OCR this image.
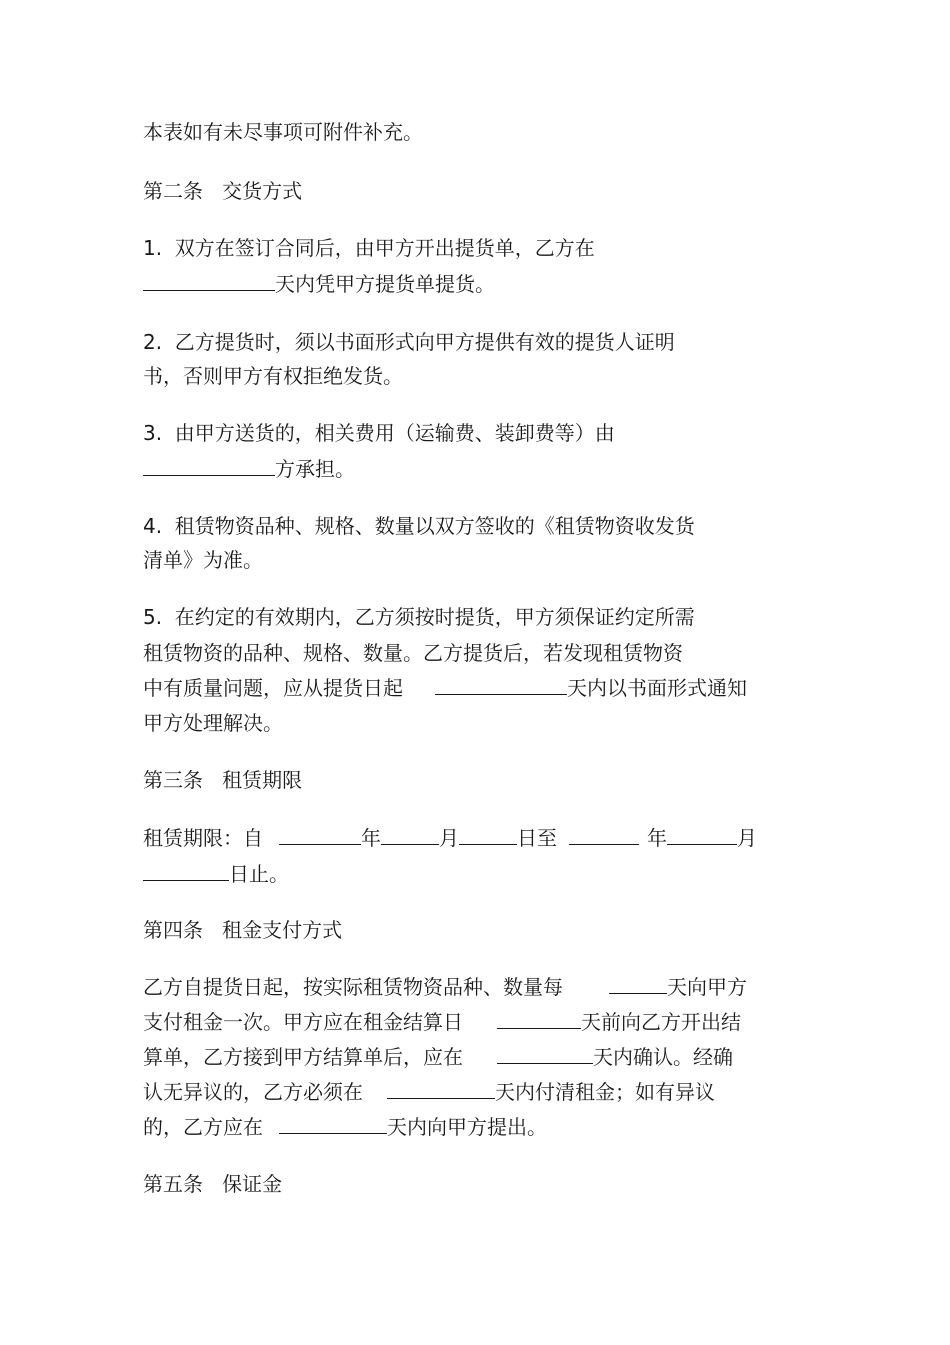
本表如有未尽事项可附件补充。

第二条   交货方式

1.  双方在签订合同后，由甲方开出提货单，乙方在

天内凭甲方提货单提货。

2.  乙方提货时，须以书面形式向甲方提供有效的提货人证明

书，否则甲方有权拒绝发货。

3.  由甲方送货的，相关费用（运输费、装卸费等）由

方承担。

4.  租赁物资品种、规格、数量以双方签收的《租赁物资收发货

清单》为准。

5.  在约定的有效期内，乙方须按时提货，甲方须保证约定所需

租赁物资的品种、规格、数量。乙方提货后，若发现租赁物资

中有质量问题，应从提货日起	天内以书面形式通知

甲方处理解决。

第三条   租赁期限

租赁期限：自	年	月	日至	年	月

日止。

第四条   租金支付方式

乙方自提货日起，按实际租赁物资品种、数量每	天向甲方

支付租金一次。甲方应在租金结算日	天前向乙方开出结

算单，乙方接到甲方结算单后，应在	天内确认。经确

认无异议的，乙方必须在	天内付清租金；如有异议

的，乙方应在	天内向甲方提出。

第五条   保证金
